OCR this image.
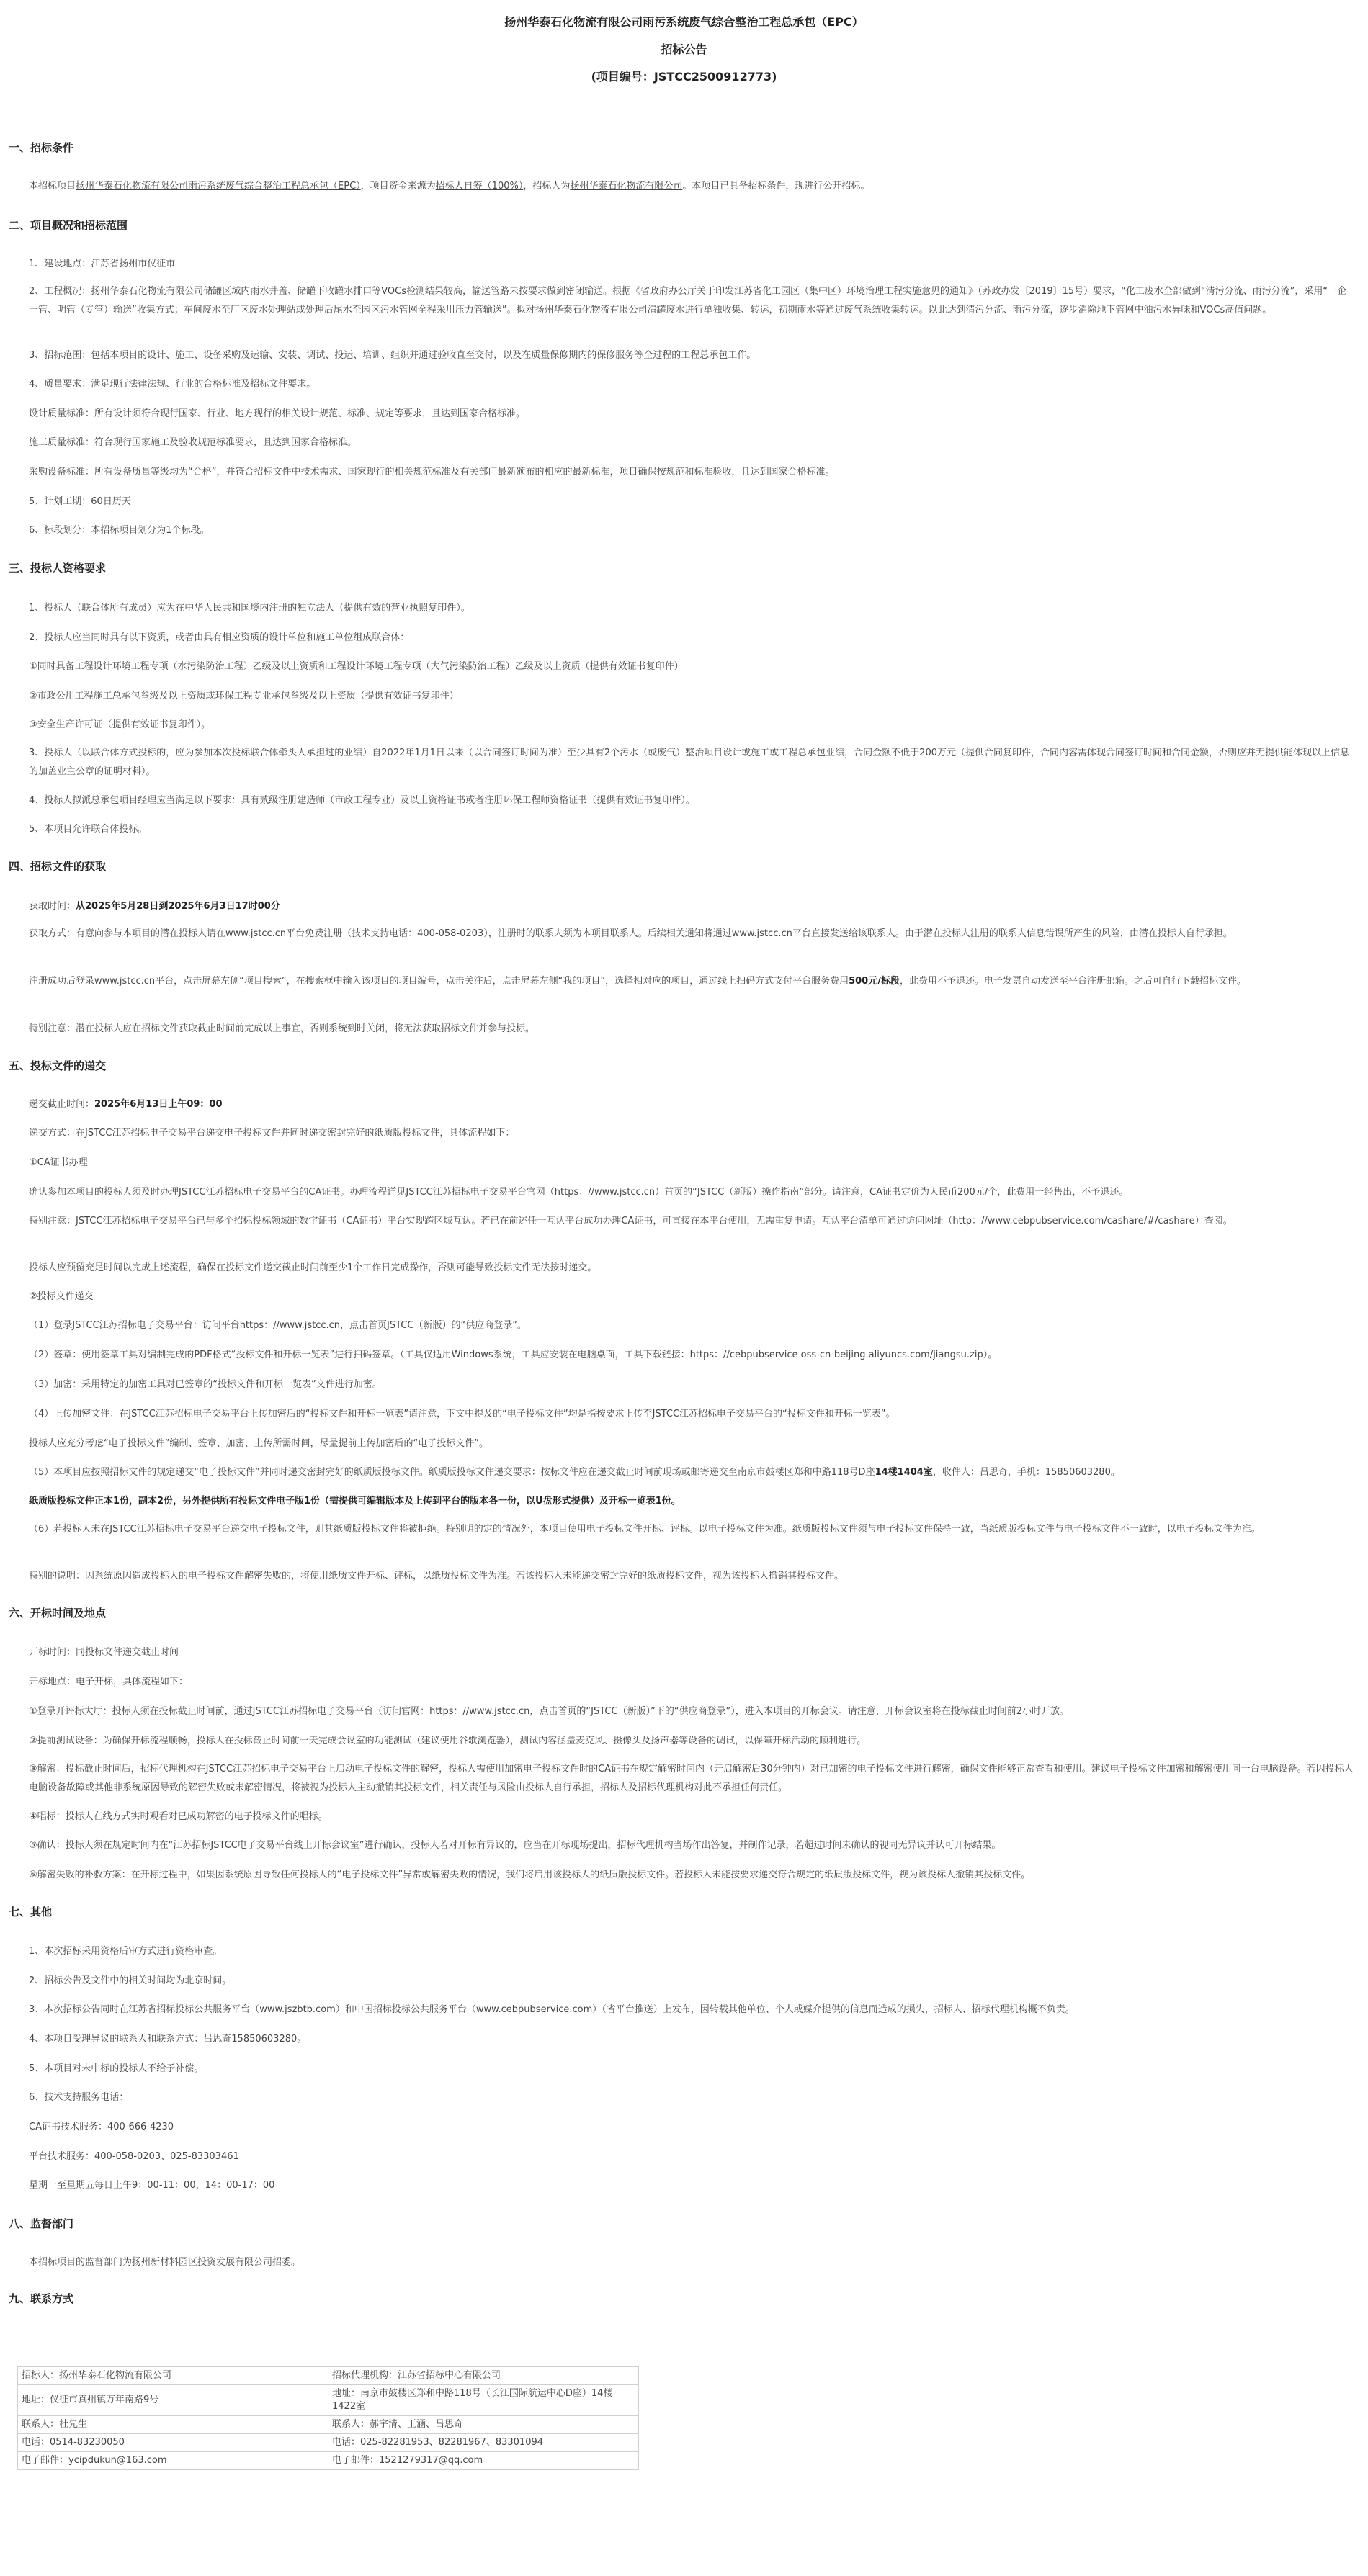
扬州华泰石化物流有限公司雨污系统废气综合整治工程总承包（EPC）
招标公告
(项目编号：JSTCC2500912773)
一、招标条件
本招标项目扬州华泰石化物流有限公司雨污系统废气综合整治工程总承包（EPC），项目资金来源为招标人自筹（100%），招标人为扬州华泰石化物流有限公司。本项目已具备招标条件，现进行公开招标。
二、项目概况和招标范围
1、建设地点：江苏省扬州市仪征市
2、工程概况：扬州华泰石化物流有限公司储罐区域内雨水井盖、储罐下收罐水排口等VOCs检测结果较高，输送管路未按要求做到密闭输送。根据《省政府办公厅关于印发江苏省化工园区（集中区）环境治理工程实施意见的通知》（苏政办发〔2019〕15号）要求，“化工废水全部做到“清污分流、雨污分流”，采用“一企一管、明管（专管）输送”收集方式；车间废水至厂区废水处理站或处理后尾水至园区污水管网全程采用压力管输送”。拟对扬州华泰石化物流有限公司清罐废水进行单独收集、转运，初期雨水等通过废气系统收集转运。以此达到清污分流、雨污分流，逐步消除地下管网中油污水异味和VOCs高值问题。
3、招标范围：包括本项目的设计、施工、设备采购及运输、安装、调试、投运、培训、组织并通过验收直至交付，以及在质量保修期内的保修服务等全过程的工程总承包工作。
4、质量要求：满足现行法律法规、行业的合格标准及招标文件要求。
设计质量标准：所有设计须符合现行国家、行业、地方现行的相关设计规范、标准、规定等要求，且达到国家合格标准。
施工质量标准：符合现行国家施工及验收规范标准要求，且达到国家合格标准。
采购设备标准：所有设备质量等级均为“合格”，并符合招标文件中技术需求、国家现行的相关规范标准及有关部门最新颁布的相应的最新标准，项目确保按规范和标准验收，且达到国家合格标准。
5、计划工期：60日历天
6、标段划分：本招标项目划分为1个标段。
三、投标人资格要求
1、投标人（联合体所有成员）应为在中华人民共和国境内注册的独立法人（提供有效的营业执照复印件）。
2、投标人应当同时具有以下资质，或者由具有相应资质的设计单位和施工单位组成联合体：
①同时具备工程设计环境工程专项（水污染防治工程）乙级及以上资质和工程设计环境工程专项（大气污染防治工程）乙级及以上资质（提供有效证书复印件）
②市政公用工程施工总承包叁级及以上资质或环保工程专业承包叁级及以上资质（提供有效证书复印件）
③安全生产许可证（提供有效证书复印件）。
3、投标人（以联合体方式投标的，应为参加本次投标联合体牵头人承担过的业绩）自2022年1月1日以来（以合同签订时间为准）至少具有2个污水（或废气）整治项目设计或施工或工程总承包业绩，合同金额不低于200万元（提供合同复印件，合同内容需体现合同签订时间和合同金额，否则应并无提供能体现以上信息的加盖业主公章的证明材料）。
4、投标人拟派总承包项目经理应当满足以下要求：具有贰级注册建造师（市政工程专业）及以上资格证书或者注册环保工程师资格证书（提供有效证书复印件）。
5、本项目允许联合体投标。
四、招标文件的获取
获取时间：从2025年5月28日到2025年6月3日17时00分
获取方式：有意向参与本项目的潜在投标人请在www.jstcc.cn平台免费注册（技术支持电话：400-058-0203），注册时的联系人须为本项目联系人。后续相关通知将通过www.jstcc.cn平台直接发送给该联系人。由于潜在投标人注册的联系人信息错误所产生的风险，由潜在投标人自行承担。
注册成功后登录www.jstcc.cn平台，点击屏幕左侧“项目搜索”，在搜索框中输入该项目的项目编号，点击关注后，点击屏幕左侧“我的项目”，选择相对应的项目，通过线上扫码方式支付平台服务费用500元/标段，此费用不予退还。电子发票自动发送至平台注册邮箱。之后可自行下载招标文件。
特别注意：潜在投标人应在招标文件获取截止时间前完成以上事宜，否则系统到时关闭，将无法获取招标文件并参与投标。
五、投标文件的递交
递交截止时间：2025年6月13日上午09：00
递交方式：在JSTCC江苏招标电子交易平台递交电子投标文件并同时递交密封完好的纸质版投标文件，具体流程如下：
①CA证书办理
确认参加本项目的投标人须及时办理JSTCC江苏招标电子交易平台的CA证书。办理流程详见JSTCC江苏招标电子交易平台官网（https：//www.jstcc.cn）首页的“JSTCC（新版）操作指南”部分。请注意，CA证书定价为人民币200元/个，此费用一经售出，不予退还。
特别注意：JSTCC江苏招标电子交易平台已与多个招标投标领域的数字证书（CA证书）平台实现跨区域互认。若已在前述任一互认平台成功办理CA证书，可直接在本平台使用，无需重复申请。互认平台清单可通过访问网址（http：//www.cebpubservice.com/cashare/#/cashare）查阅。
投标人应预留充足时间以完成上述流程，确保在投标文件递交截止时间前至少1个工作日完成操作，否则可能导致投标文件无法按时递交。
②投标文件递交
（1）登录JSTCC江苏招标电子交易平台：访问平台https：//www.jstcc.cn，点击首页JSTCC（新版）的“供应商登录”。
（2）签章：使用签章工具对编制完成的PDF格式“投标文件和开标一览表”进行扫码签章。（工具仅适用Windows系统，工具应安装在电脑桌面，工具下载链接：https：//cebpubservice oss-cn-beijing.aliyuncs.com/jiangsu.zip）。
（3）加密：采用特定的加密工具对已签章的“投标文件和开标一览表”文件进行加密。
（4）上传加密文件：在JSTCC江苏招标电子交易平台上传加密后的“投标文件和开标一览表”请注意，下文中提及的“电子投标文件”均是指按要求上传至JSTCC江苏招标电子交易平台的“投标文件和开标一览表”。
投标人应充分考虑“电子投标文件”编制、签章、加密、上传所需时间，尽量提前上传加密后的“电子投标文件”。
（5）本项目应按照招标文件的规定递交“电子投标文件”并同时递交密封完好的纸质版投标文件。纸质版投标文件递交要求：按标文件应在递交截止时间前现场或邮寄递交至南京市鼓楼区郑和中路118号D座14楼1404室，收件人：吕思奇，手机：15850603280。
纸质版投标文件正本1份，副本2份，另外提供所有投标文件电子版1份（需提供可编辑版本及上传到平台的版本各一份，以U盘形式提供）及开标一览表1份。
（6）若投标人未在JSTCC江苏招标电子交易平台递交电子投标文件，则其纸质版投标文件将被拒绝。特别明的定的情况外，本项目使用电子投标文件开标、评标。以电子投标文件为准。纸质版投标文件须与电子投标文件保持一致，当纸质版投标文件与电子投标文件不一致时，以电子投标文件为准。
特别的说明：因系统原因造成投标人的电子投标文件解密失败的，将使用纸质文件开标、评标，以纸质投标文件为准。若该投标人未能递交密封完好的纸质投标文件，视为该投标人撤销其投标文件。
六、开标时间及地点
开标时间：同投标文件递交截止时间
开标地点：电子开标，具体流程如下：
①登录开评标大厅：投标人须在投标截止时间前，通过JSTCC江苏招标电子交易平台（访问官网：https：//www.jstcc.cn，点击首页的“JSTCC（新版）”下的“供应商登录”），进入本项目的开标会议。请注意，开标会议室将在投标截止时间前2小时开放。
②提前测试设备：为确保开标流程顺畅，投标人在投标截止时间前一天完成会议室的功能测试（建议使用谷歌浏览器），测试内容涵盖麦克风、摄像头及扬声器等设备的调试，以保障开标活动的顺利进行。
③解密：投标截止时间后，招标代理机构在JSTCC江苏招标电子交易平台上启动电子投标文件的解密，投标人需使用加密电子投标文件时的CA证书在规定解密时间内（开启解密后30分钟内）对已加密的电子投标文件进行解密，确保文件能够正常查看和使用。建议电子投标文件加密和解密使用同一台电脑设备。若因投标人电脑设备故障或其他非系统原因导致的解密失败或未解密情况，将被视为投标人主动撤销其投标文件，相关责任与风险由投标人自行承担，招标人及招标代理机构对此不承担任何责任。
④唱标：投标人在线方式实时观看对已成功解密的电子投标文件的唱标。
⑤确认：投标人须在规定时间内在“江苏招标JSTCC电子交易平台线上开标会议室”进行确认，投标人若对开标有异议的，应当在开标现场提出，招标代理机构当场作出答复，并制作记录，若超过时间未确认的视同无异议并认可开标结果。
⑥解密失败的补救方案：在开标过程中，如果因系统原因导致任何投标人的“电子投标文件”异常或解密失败的情况，我们将启用该投标人的纸质版投标文件。若投标人未能按要求递交符合规定的纸质版投标文件，视为该投标人撤销其投标文件。
七、其他
1、本次招标采用资格后审方式进行资格审查。
2、招标公告及文件中的相关时间均为北京时间。
3、本次招标公告同时在江苏省招标投标公共服务平台（www.jszbtb.com）和中国招标投标公共服务平台（www.cebpubservice.com）（省平台推送）上发布，因转载其他单位、个人或媒介提供的信息而造成的损失，招标人、招标代理机构概不负责。
4、本项目受理异议的联系人和联系方式：吕思奇15850603280。
5、本项目对未中标的投标人不给予补偿。
6、技术支持服务电话：
CA证书技术服务：400-666-4230
平台技术服务：400-058-0203、025-83303461
星期一至星期五每日上午9：00-11：00，14：00-17：00
八、监督部门
本招标项目的监督部门为扬州新材料园区投资发展有限公司招委。
九、联系方式
招标人：扬州华泰石化物流有限公司	招标代理机构：江苏省招标中心有限公司
地址：仪征市真州镇万年南路9号	地址：南京市鼓楼区郑和中路118号（长江国际航运中心D座）14楼1422室
联系人：杜先生	联系人：郝宇清、王涵、吕思奇
电话：0514-83230050	电话：025-82281953、82281967、83301094
电子邮件：ycipdukun@163.com	电子邮件：1521279317@qq.com
